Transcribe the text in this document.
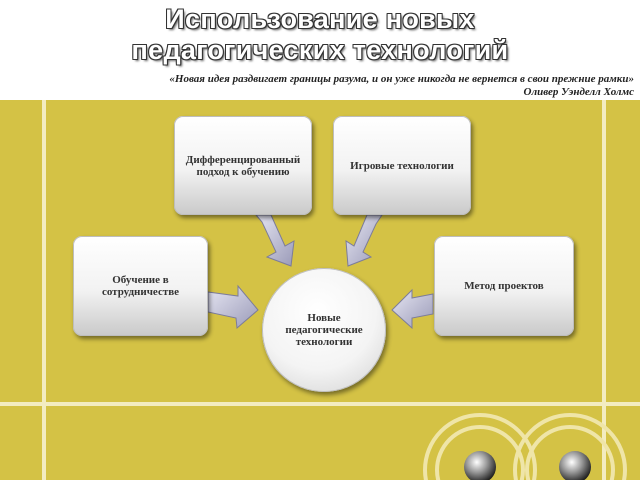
Использование новых педагогических технологий
«Новая идея раздвигает границы разума, и он уже никогда не вернется в свои прежние рамки»
Оливер Уэнделл Холмс
Дифференцированный подход к обучению	Игровые технологии
Обучение в сотрудничестве	Метод проектов
Новые педагогические технологии
